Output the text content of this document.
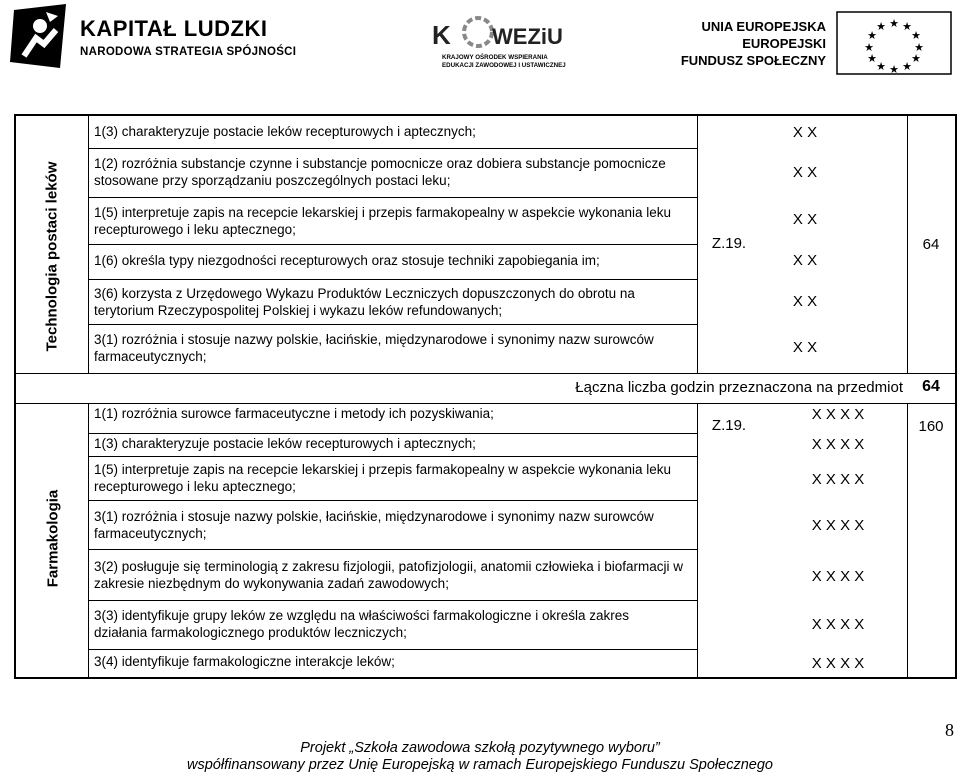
KAPITAŁ LUDZKI
NARODOWA STRATEGIA SPÓJNOŚCI
K WEZiU
KRAJOWY OŚRODEK WSPIERANIA
EDUKACJI ZAWODOWEJ I USTAWICZNEJ
UNIA EUROPEJSKA
EUROPEJSKI
FUNDUSZ SPOŁECZNY
★ ★
★
★
★
★
★
★
★
★
★
★
Technologia postaci leków
1(3) charakteryzuje postacie leków recepturowych i aptecznych;
1(2) rozróżnia substancje czynne i substancje pomocnicze oraz dobiera substancje pomocnicze stosowane przy sporządzaniu poszczególnych postaci leku;
1(5) interpretuje zapis na recepcie lekarskiej i przepis farmakopealny w aspekcie wykonania leku recepturowego i leku aptecznego;
1(6) określa typy niezgodności recepturowych oraz stosuje techniki zapobiegania im;
3(6) korzysta z Urzędowego Wykazu Produktów Leczniczych dopuszczonych do obrotu na terytorium Rzeczypospolitej Polskiej i wykazu leków refundowanych;
3(1) rozróżnia i stosuje nazwy polskie, łacińskie, międzynarodowe i synonimy nazw surowców farmaceutycznych;
Z.19.
X X
X X
X X
X X
X X
X X
64
Łączna liczba godzin przeznaczona na przedmiot	64
Farmakologia
1(1) rozróżnia surowce farmaceutyczne i metody ich pozyskiwania;
1(3) charakteryzuje postacie leków recepturowych i aptecznych;
1(5) interpretuje zapis na recepcie lekarskiej i przepis farmakopealny w aspekcie wykonania leku recepturowego i leku aptecznego;
3(1) rozróżnia i stosuje nazwy polskie, łacińskie, międzynarodowe i synonimy nazw surowców farmaceutycznych;
3(2) posługuje się terminologią z zakresu fizjologii, patofizjologii, anatomii człowieka i biofarmacji w zakresie niezbędnym do wykonywania zadań zawodowych;
3(3) identyfikuje grupy leków ze względu na właściwości farmakologiczne i określa zakres działania farmakologicznego produktów leczniczych;
3(4) identyfikuje farmakologiczne interakcje leków;
Z.19.
X X X X
X X X X
X X X X
X X X X
X X X X
X X X X
X X X X
160
Projekt „Szkoła zawodowa szkołą pozytywnego wyboru”
współfinansowany przez Unię Europejską w ramach Europejskiego Funduszu Społecznego
8
